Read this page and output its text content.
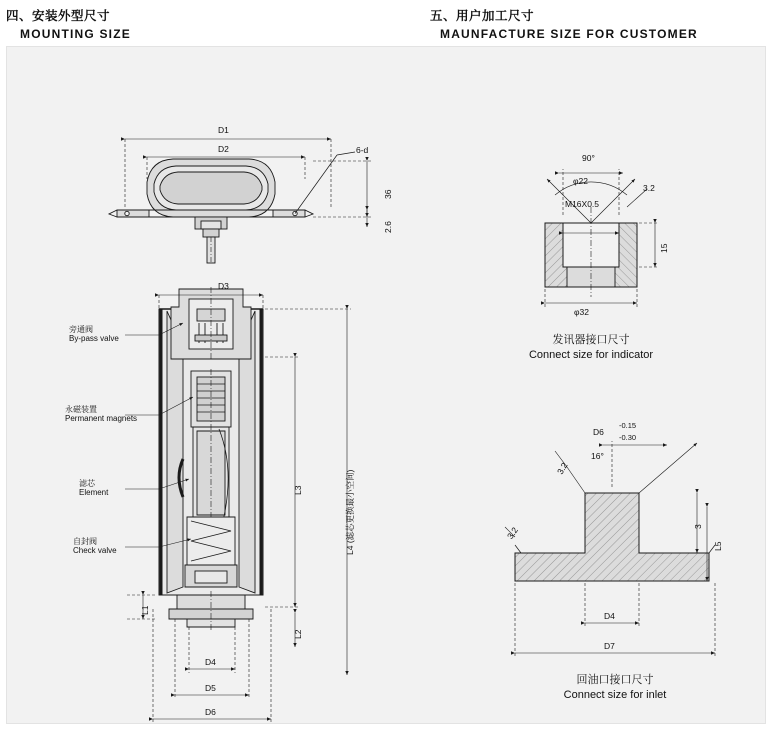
四、安装外型尺寸
MOUNTING SIZE
五、用户加工尺寸
MAUNFACTURE SIZE FOR CUSTOMER
D1
D2	6-d
36
2.6
D3
L4 (滤芯更换最小空间)
L3
L1
L2
D4
D5
D6
旁通阀
By-pass valve
永磁装置
Permanent magnets
滤芯
Element
自封阀
Check valve
90°
φ22
M16X0.5
3.2
15
φ32
D6
-0.15
-0.30
16°
3.2
3.2	3
L5
D4
D7
发讯器接口尺寸
Connect size for indicator
回油口接口尺寸
Connect size for inlet
